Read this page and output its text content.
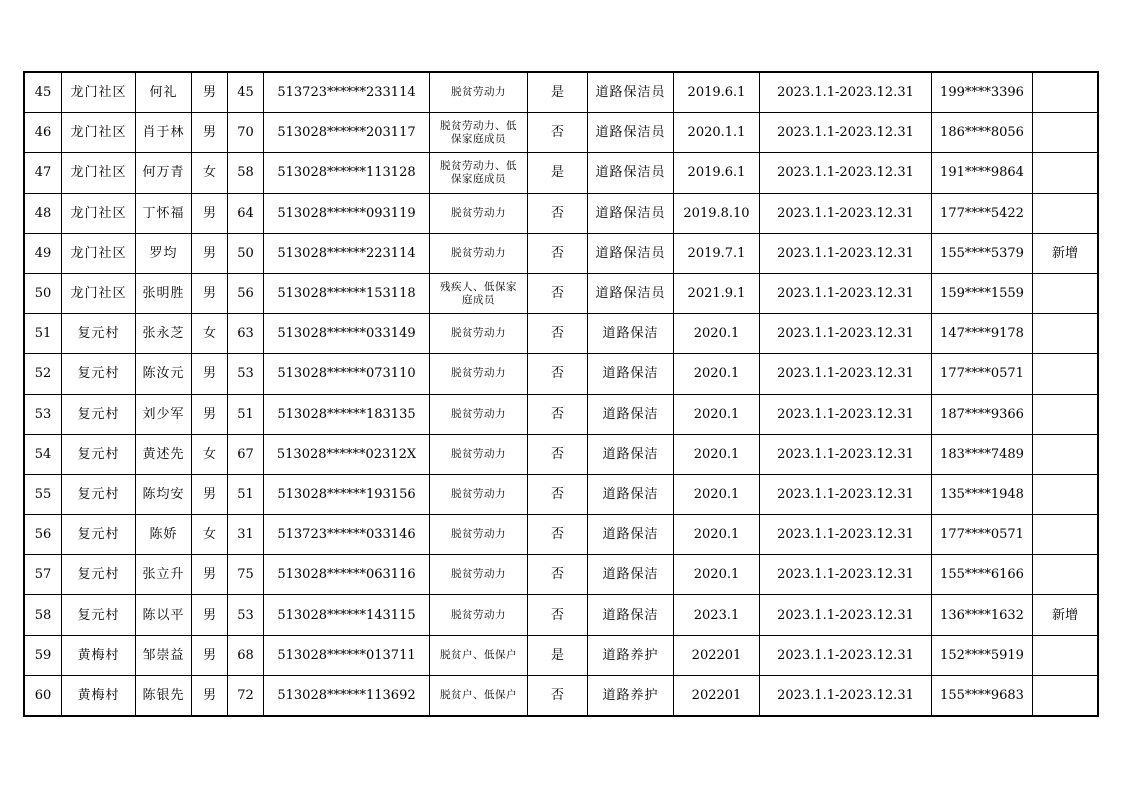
45	龙门社区	何礼	男	45	513723******233114	脱贫劳动力	是	道路保洁员	2019.6.1	2023.1.1-2023.12.31	199****3396	
46	龙门社区	肖于林	男	70	513028******203117	脱贫劳动力、低保家庭成员	否	道路保洁员	2020.1.1	2023.1.1-2023.12.31	186****8056	
47	龙门社区	何万青	女	58	513028******113128	脱贫劳动力、低保家庭成员	是	道路保洁员	2019.6.1	2023.1.1-2023.12.31	191****9864	
48	龙门社区	丁怀福	男	64	513028******093119	脱贫劳动力	否	道路保洁员	2019.8.10	2023.1.1-2023.12.31	177****5422	
49	龙门社区	罗均	男	50	513028******223114	脱贫劳动力	否	道路保洁员	2019.7.1	2023.1.1-2023.12.31	155****5379	新增
50	龙门社区	张明胜	男	56	513028******153118	残疾人、低保家庭成员	否	道路保洁员	2021.9.1	2023.1.1-2023.12.31	159****1559	
51	复元村	张永芝	女	63	513028******033149	脱贫劳动力	否	道路保洁	2020.1	2023.1.1-2023.12.31	147****9178	
52	复元村	陈汝元	男	53	513028******073110	脱贫劳动力	否	道路保洁	2020.1	2023.1.1-2023.12.31	177****0571	
53	复元村	刘少军	男	51	513028******183135	脱贫劳动力	否	道路保洁	2020.1	2023.1.1-2023.12.31	187****9366	
54	复元村	黄述先	女	67	513028******02312X	脱贫劳动力	否	道路保洁	2020.1	2023.1.1-2023.12.31	183****7489	
55	复元村	陈均安	男	51	513028******193156	脱贫劳动力	否	道路保洁	2020.1	2023.1.1-2023.12.31	135****1948	
56	复元村	陈娇	女	31	513723******033146	脱贫劳动力	否	道路保洁	2020.1	2023.1.1-2023.12.31	177****0571	
57	复元村	张立升	男	75	513028******063116	脱贫劳动力	否	道路保洁	2020.1	2023.1.1-2023.12.31	155****6166	
58	复元村	陈以平	男	53	513028******143115	脱贫劳动力	否	道路保洁	2023.1	2023.1.1-2023.12.31	136****1632	新增
59	黄梅村	邹崇益	男	68	513028******013711	脱贫户、低保户	是	道路养护	202201	2023.1.1-2023.12.31	152****5919	
60	黄梅村	陈银先	男	72	513028******113692	脱贫户、低保户	否	道路养护	202201	2023.1.1-2023.12.31	155****9683	
